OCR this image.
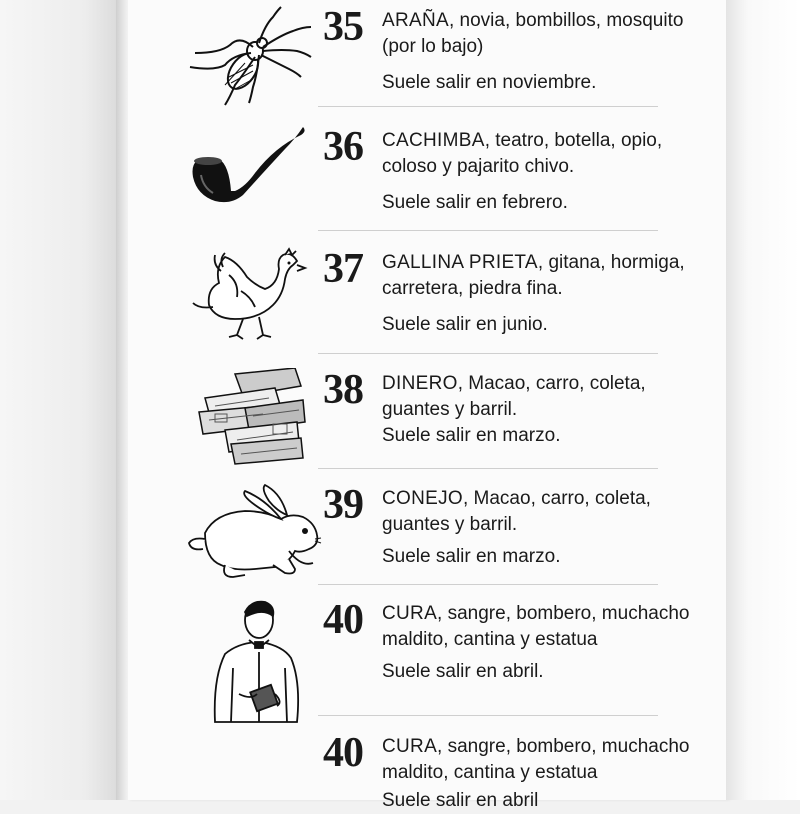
35 ARAÑA, novia, bombillos, mosquito (por lo bajo)
Suele salir en noviembre.
36 CACHIMBA, teatro, botella, opio, coloso y pajarito chivo.
Suele salir en febrero.
37 GALLINA PRIETA, gitana, hormiga, carretera, piedra fina.
Suele salir en junio.
38 DINERO, Macao, carro, coleta, guantes y barril.
Suele salir en marzo.
39 CONEJO, Macao, carro, coleta, guantes y barril.
Suele salir en marzo.
40 CURA, sangre, bombero, muchacho maldito, cantina y estatua
Suele salir en abril.
40 CURA, sangre, bombero, muchacho maldito, cantina y estatua
Suele salir en abril
